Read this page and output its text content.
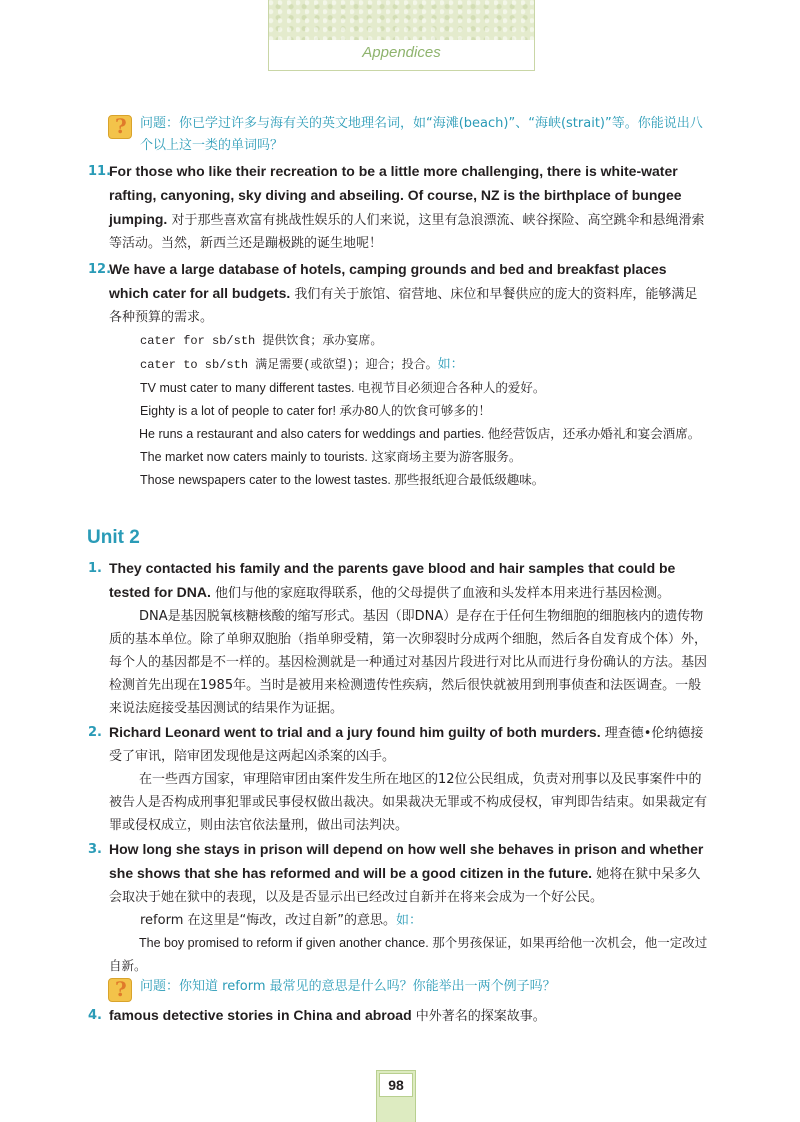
Appendices
? 问题：你已学过许多与海有关的英文地理名词，如“海滩(beach)”、“海峡(strait)”等。你能说出八个以上这一类的单词吗？
11.
For those who like their recreation to be a little more challenging, there is white-water rafting, canyoning, sky diving and abseiling. Of course, NZ is the birthplace of bungee jumping. 对于那些喜欢富有挑战性娱乐的人们来说，这里有急浪漂流、峡谷探险、高空跳伞和悬绳滑索等活动。当然，新西兰还是蹦极跳的诞生地呢！
12.

We have a large database of hotels, camping grounds and bed and breakfast places which cater for all budgets. 我们有关于旅馆、宿营地、床位和早餐供应的庞大的资料库，能够满足各种预算的需求。

cater for sb/sth 提供饮食；承办宴席。

cater to sb/sth 满足需要(或欲望)；迎合；投合。如：

TV must cater to many different tastes. 电视节目必须迎合各种人的爱好。

Eighty is a lot of people to cater for! 承办80人的饮食可够多的！

He runs a restaurant and also caters for weddings and parties. 他经营饭店，还承办婚礼和宴会酒席。

The market now caters mainly to tourists. 这家商场主要为游客服务。

Those newspapers cater to the lowest tastes. 那些报纸迎合最低级趣味。

Unit 2
1. They contacted his family and the parents gave blood and hair samples that could be tested for DNA. 他们与他的家庭取得联系，他的父母提供了血液和头发样本用来进行基因检测。

DNA是基因脱氧核糖核酸的缩写形式。基因（即DNA）是存在于任何生物细胞的细胞核内的遗传物质的基本单位。除了单卵双胞胎（指单卵受精，第一次卵裂时分成两个细胞，然后各自发育成个体）外，每个人的基因都是不一样的。基因检测就是一种通过对基因片段进行对比从而进行身份确认的方法。基因检测首先出现在1985年。当时是被用来检测遗传性疾病，然后很快就被用到刑事侦查和法医调查。一般来说法庭接受基因测试的结果作为证据。

2. Richard Leonard went to trial and a jury found him guilty of both murders. 理查德•伦纳德接受了审讯，陪审团发现他是这两起凶杀案的凶手。

在一些西方国家，审理陪审团由案件发生所在地区的12位公民组成，负责对刑事以及民事案件中的被告人是否构成刑事犯罪或民事侵权做出裁决。如果裁决无罪或不构成侵权，审判即告结束。如果裁定有罪或侵权成立，则由法官依法量刑，做出司法判决。

3. How long she stays in prison will depend on how well she behaves in prison and whether she shows that she has reformed and will be a good citizen in the future. 她将在狱中呆多久会取决于她在狱中的表现，以及是否显示出已经改过自新并在将来会成为一个好公民。

reform 在这里是“悔改，改过自新”的意思。如：

The boy promised to reform if given another chance. 那个男孩保证，如果再给他一次机会，他一定改过自新。

? 问题：你知道 reform 最常见的意思是什么吗？你能举出一两个例子吗？
4. famous detective stories in China and abroad 中外著名的探案故事。
98
